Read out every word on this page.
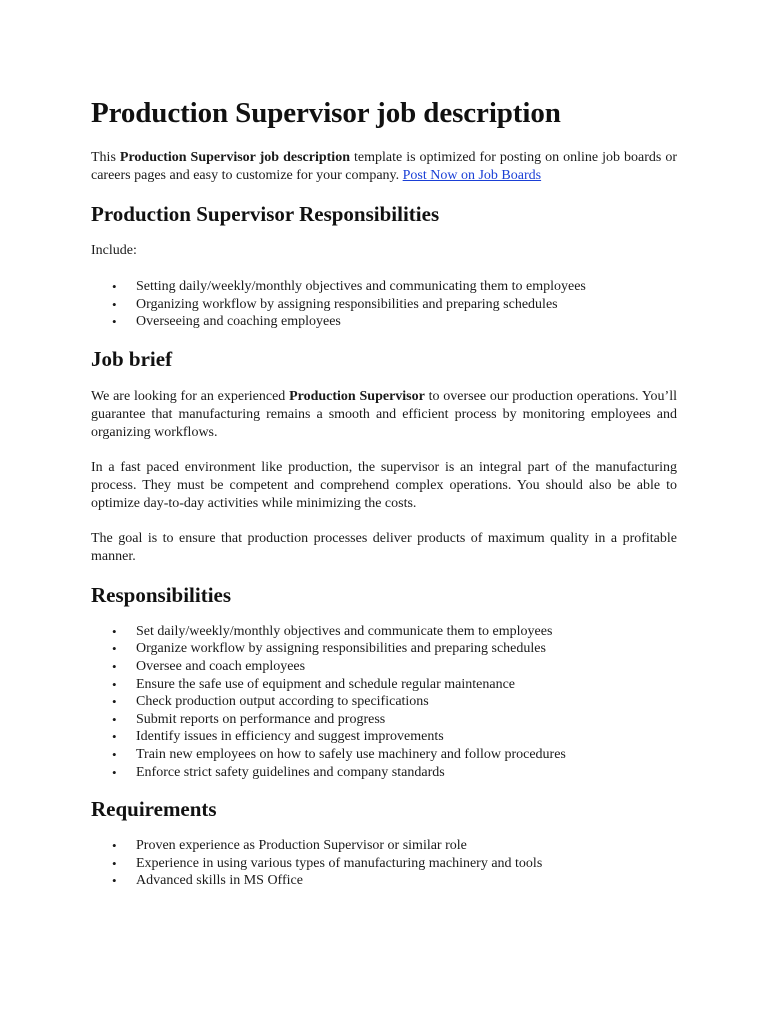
Production Supervisor job description

This Production Supervisor job description template is optimized for posting on online job boards or careers pages and easy to customize for your company. Post Now on Job Boards

Production Supervisor Responsibilities

Include:

• Setting daily/weekly/monthly objectives and communicating them to employees
• Organizing workflow by assigning responsibilities and preparing schedules
• Overseeing and coaching employees
Job brief

We are looking for an experienced Production Supervisor to oversee our production operations. You’ll guarantee that manufacturing remains a smooth and efficient process by monitoring employees and organizing workflows.

In a fast paced environment like production, the supervisor is an integral part of the manufacturing process. They must be competent and comprehend complex operations. You should also be able to optimize day-to-day activities while minimizing the costs.

The goal is to ensure that production processes deliver products of maximum quality in a profitable manner.

Responsibilities
• Set daily/weekly/monthly objectives and communicate them to employees
• Organize workflow by assigning responsibilities and preparing schedules
• Oversee and coach employees
• Ensure the safe use of equipment and schedule regular maintenance
• Check production output according to specifications
• Submit reports on performance and progress
• Identify issues in efficiency and suggest improvements
• Train new employees on how to safely use machinery and follow procedures
• Enforce strict safety guidelines and company standards
Requirements
• Proven experience as Production Supervisor or similar role
• Experience in using various types of manufacturing machinery and tools
• Advanced skills in MS Office
